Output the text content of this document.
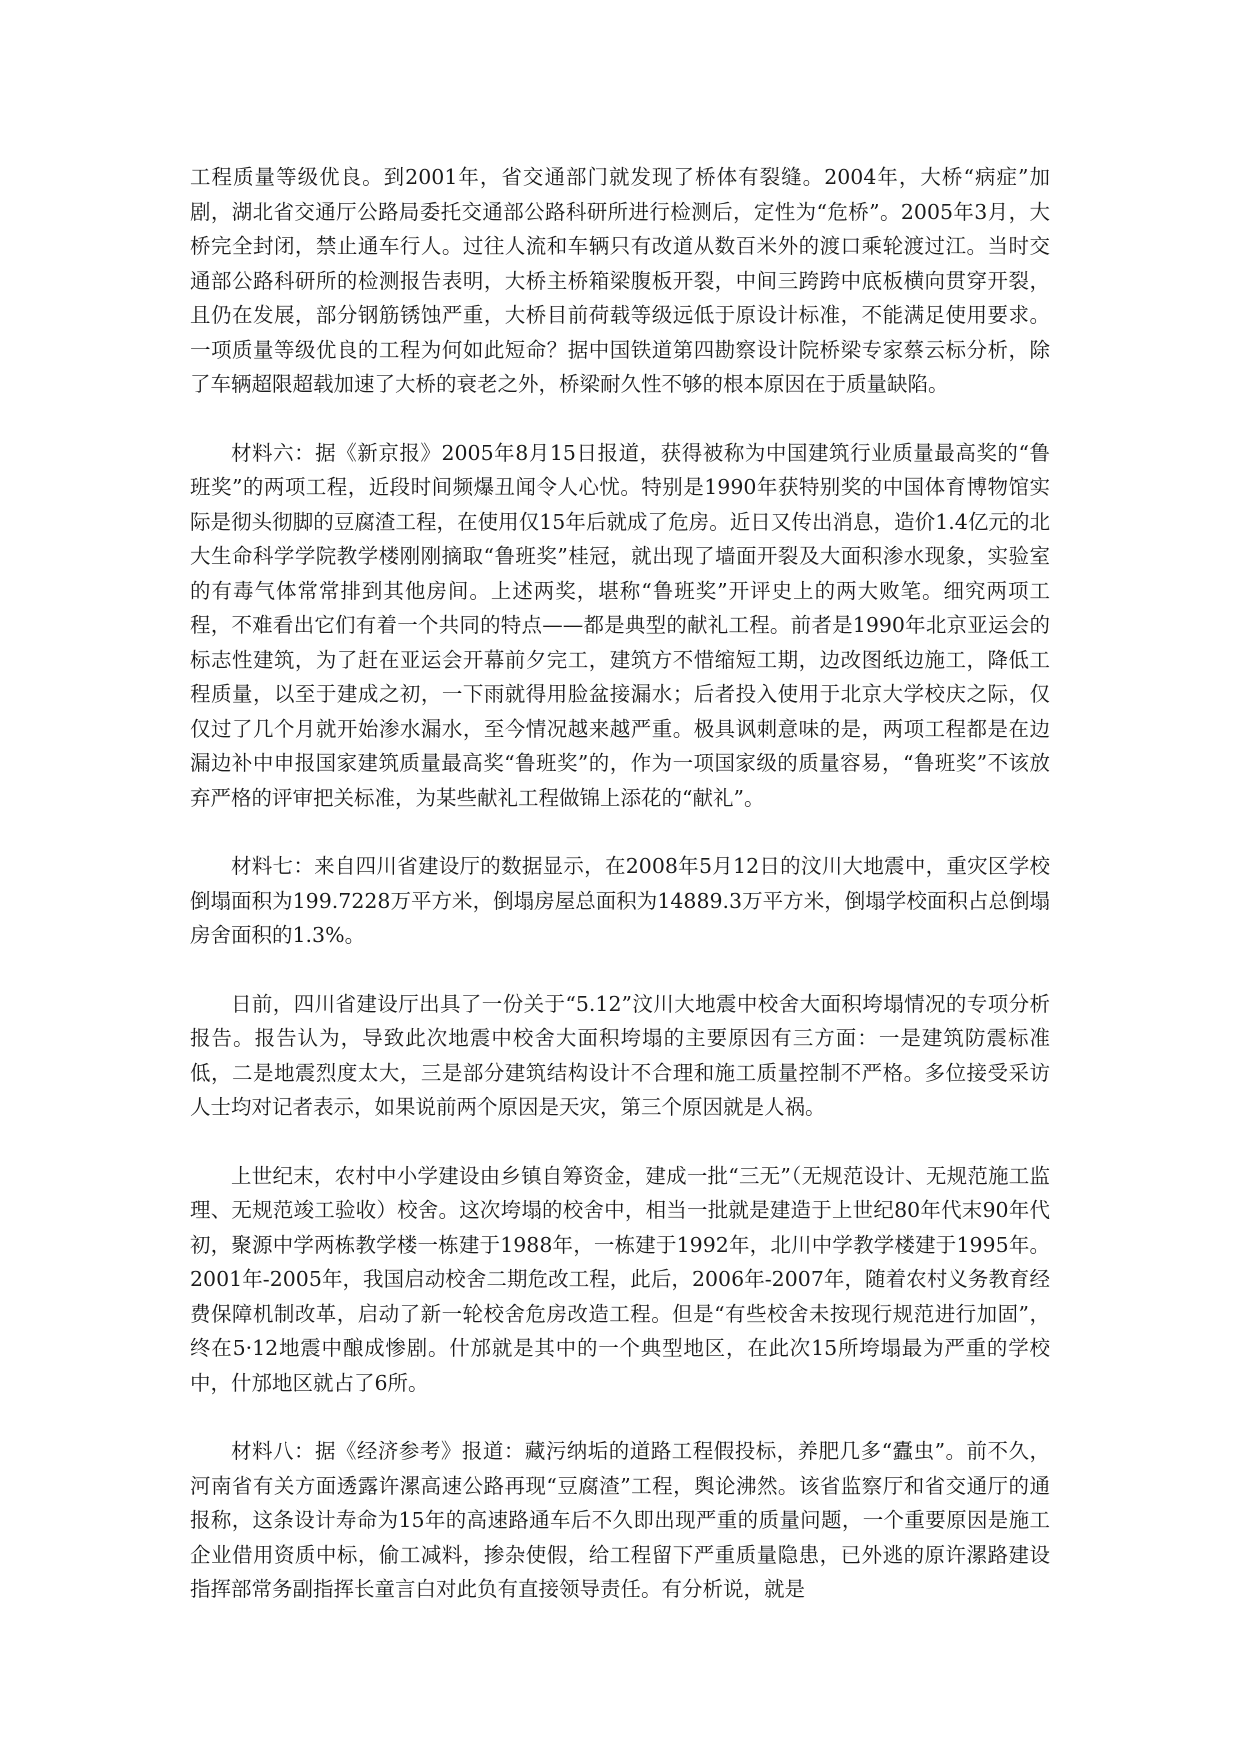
工程质量等级优良。到2001年，省交通部门就发现了桥体有裂缝。2004年，大桥“病症”加剧，湖北省交通厅公路局委托交通部公路科研所进行检测后，定性为“危桥”。2005年3月，大桥完全封闭，禁止通车行人。过往人流和车辆只有改道从数百米外的渡口乘轮渡过江。当时交通部公路科研所的检测报告表明，大桥主桥箱梁腹板开裂，中间三跨跨中底板横向贯穿开裂，且仍在发展，部分钢筋锈蚀严重，大桥目前荷载等级远低于原设计标准，不能满足使用要求。一项质量等级优良的工程为何如此短命？据中国铁道第四勘察设计院桥梁专家蔡云标分析，除了车辆超限超载加速了大桥的衰老之外，桥梁耐久性不够的根本原因在于质量缺陷。

材料六：据《新京报》2005年8月15日报道，获得被称为中国建筑行业质量最高奖的“鲁班奖”的两项工程，近段时间频爆丑闻令人心忧。特别是1990年获特别奖的中国体育博物馆实际是彻头彻脚的豆腐渣工程，在使用仅15年后就成了危房。近日又传出消息，造价1.4亿元的北大生命科学学院教学楼刚刚摘取“鲁班奖”桂冠，就出现了墙面开裂及大面积渗水现象，实验室的有毒气体常常排到其他房间。上述两奖，堪称“鲁班奖”开评史上的两大败笔。细究两项工程，不难看出它们有着一个共同的特点——都是典型的献礼工程。前者是1990年北京亚运会的标志性建筑，为了赶在亚运会开幕前夕完工，建筑方不惜缩短工期，边改图纸边施工，降低工程质量，以至于建成之初，一下雨就得用脸盆接漏水；后者投入使用于北京大学校庆之际，仅仅过了几个月就开始渗水漏水，至今情况越来越严重。极具讽刺意味的是，两项工程都是在边漏边补中申报国家建筑质量最高奖“鲁班奖”的，作为一项国家级的质量容易，“鲁班奖”不该放弃严格的评审把关标准，为某些献礼工程做锦上添花的“献礼”。

材料七：来自四川省建设厅的数据显示，在2008年5月12日的汶川大地震中，重灾区学校倒塌面积为199.7228万平方米，倒塌房屋总面积为14889.3万平方米，倒塌学校面积占总倒塌房舍面积的1.3%。

日前，四川省建设厅出具了一份关于“5.12”汶川大地震中校舍大面积垮塌情况的专项分析报告。报告认为，导致此次地震中校舍大面积垮塌的主要原因有三方面：一是建筑防震标准低，二是地震烈度太大，三是部分建筑结构设计不合理和施工质量控制不严格。多位接受采访人士均对记者表示，如果说前两个原因是天灾，第三个原因就是人祸。

上世纪末，农村中小学建设由乡镇自筹资金，建成一批“三无”（无规范设计、无规范施工监理、无规范竣工验收）校舍。这次垮塌的校舍中，相当一批就是建造于上世纪80年代末90年代初，聚源中学两栋教学楼一栋建于1988年，一栋建于1992年，北川中学教学楼建于1995年。2001年-2005年，我国启动校舍二期危改工程，此后，2006年-2007年，随着农村义务教育经费保障机制改革，启动了新一轮校舍危房改造工程。但是“有些校舍未按现行规范进行加固”，终在5·12地震中酿成惨剧。什邡就是其中的一个典型地区，在此次15所垮塌最为严重的学校中，什邡地区就占了6所。

材料八：据《经济参考》报道：藏污纳垢的道路工程假投标，养肥几多“蠹虫”。前不久，河南省有关方面透露许漯高速公路再现“豆腐渣”工程，舆论沸然。该省监察厅和省交通厅的通报称，这条设计寿命为15年的高速路通车后不久即出现严重的质量问题，一个重要原因是施工企业借用资质中标，偷工减料，掺杂使假，给工程留下严重质量隐患，已外逃的原许漯路建设指挥部常务副指挥长童言白对此负有直接领导责任。有分析说，就是
